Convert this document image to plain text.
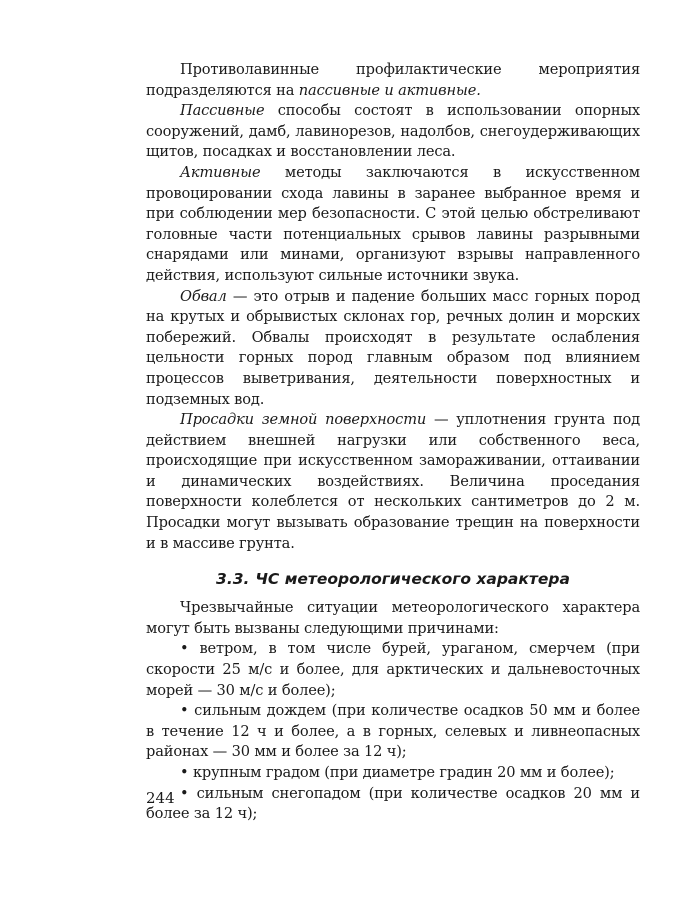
Противолавинные профилактические мероприятия подразделяются на пассивные и активные.

Пассивные способы состоят в использовании опорных сооружений, дамб, лавинорезов, надолбов, снегоудерживающих щитов, посадках и восстановлении леса.

Активные методы заключаются в искусственном провоцировании схода лавины в заранее выбранное время и при соблюдении мер безопасности. С этой целью обстреливают головные части потенциальных срывов лавины разрывными снарядами или минами, организуют взрывы направленного действия, используют сильные источники звука.

Обвал — это отрыв и падение больших масс горных пород на крутых и обрывистых склонах гор, речных долин и морских побережий. Обвалы происходят в результате ослабления цельности горных пород главным образом под влиянием процессов выветривания, деятельности поверхностных и подземных вод.

Просадки земной поверхности — уплотнения грунта под действием внешней нагрузки или собственного веса, происходящие при искусственном замораживании, оттаивании и динамических воздействиях. Величина проседания поверхности колеблется от нескольких сантиметров до 2 м. Просадки могут вызывать образование трещин на поверхности и в массиве грунта.

3.3. ЧС метеорологического характера

Чрезвычайные ситуации метеорологического характера могут быть вызваны следующими причинами:

• ветром, в том числе бурей, ураганом, смерчем (при скорости 25 м/с и более, для арктических и дальневосточных морей — 30 м/с и более);

• сильным дождем (при количестве осадков 50 мм и более в течение 12 ч и более, а в горных, селевых и ливнеопасных районах — 30 мм и более за 12 ч);

• крупным градом (при диаметре градин 20 мм и более);

• сильным снегопадом (при количестве осадков 20 мм и более за 12 ч);

244
